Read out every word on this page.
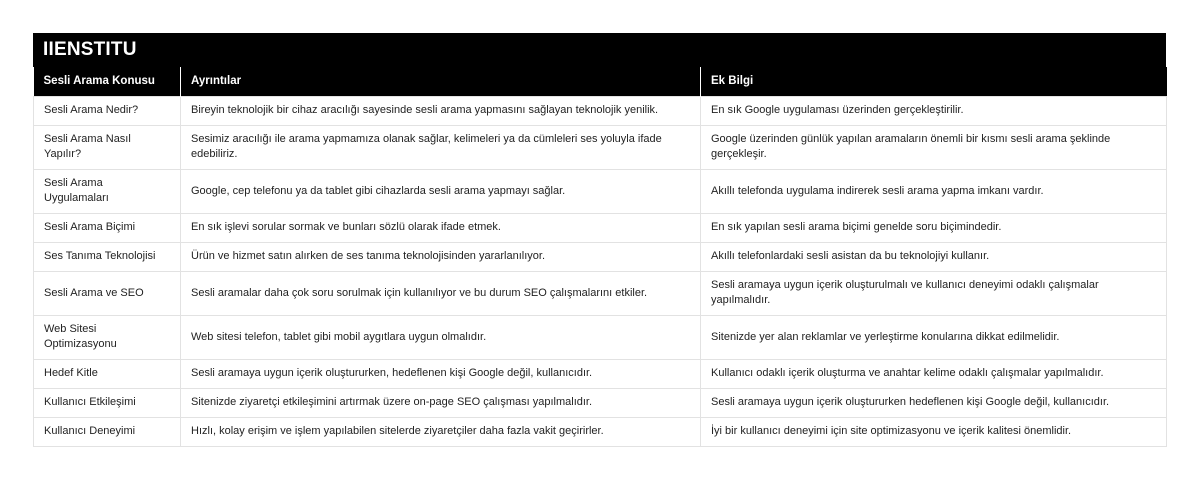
IIENSTITU
Sesli Arama Konusu	Ayrıntılar	Ek Bilgi
Sesli Arama Nedir?	Bireyin teknolojik bir cihaz aracılığı sayesinde sesli arama yapmasını sağlayan teknolojik yenilik.	En sık Google uygulaması üzerinden gerçekleştirilir.
Sesli Arama Nasıl Yapılır?	Sesimiz aracılığı ile arama yapmamıza olanak sağlar, kelimeleri ya da cümleleri ses yoluyla ifade edebiliriz.	Google üzerinden günlük yapılan aramaların önemli bir kısmı sesli arama şeklinde gerçekleşir.
Sesli Arama Uygulamaları	Google, cep telefonu ya da tablet gibi cihazlarda sesli arama yapmayı sağlar.	Akıllı telefonda uygulama indirerek sesli arama yapma imkanı vardır.
Sesli Arama Biçimi	En sık işlevi sorular sormak ve bunları sözlü olarak ifade etmek.	En sık yapılan sesli arama biçimi genelde soru biçimindedir.
Ses Tanıma Teknolojisi	Ürün ve hizmet satın alırken de ses tanıma teknolojisinden yararlanılıyor.	Akıllı telefonlardaki sesli asistan da bu teknolojiyi kullanır.
Sesli Arama ve SEO	Sesli aramalar daha çok soru sorulmak için kullanılıyor ve bu durum SEO çalışmalarını etkiler.	Sesli aramaya uygun içerik oluşturulmalı ve kullanıcı deneyimi odaklı çalışmalar yapılmalıdır.
Web Sitesi Optimizasyonu	Web sitesi telefon, tablet gibi mobil aygıtlara uygun olmalıdır.	Sitenizde yer alan reklamlar ve yerleştirme konularına dikkat edilmelidir.
Hedef Kitle	Sesli aramaya uygun içerik oluştururken, hedeflenen kişi Google değil, kullanıcıdır.	Kullanıcı odaklı içerik oluşturma ve anahtar kelime odaklı çalışmalar yapılmalıdır.
Kullanıcı Etkileşimi	Sitenizde ziyaretçi etkileşimini artırmak üzere on-page SEO çalışması yapılmalıdır.	Sesli aramaya uygun içerik oluştururken hedeflenen kişi Google değil, kullanıcıdır.
Kullanıcı Deneyimi	Hızlı, kolay erişim ve işlem yapılabilen sitelerde ziyaretçiler daha fazla vakit geçirirler.	İyi bir kullanıcı deneyimi için site optimizasyonu ve içerik kalitesi önemlidir.
